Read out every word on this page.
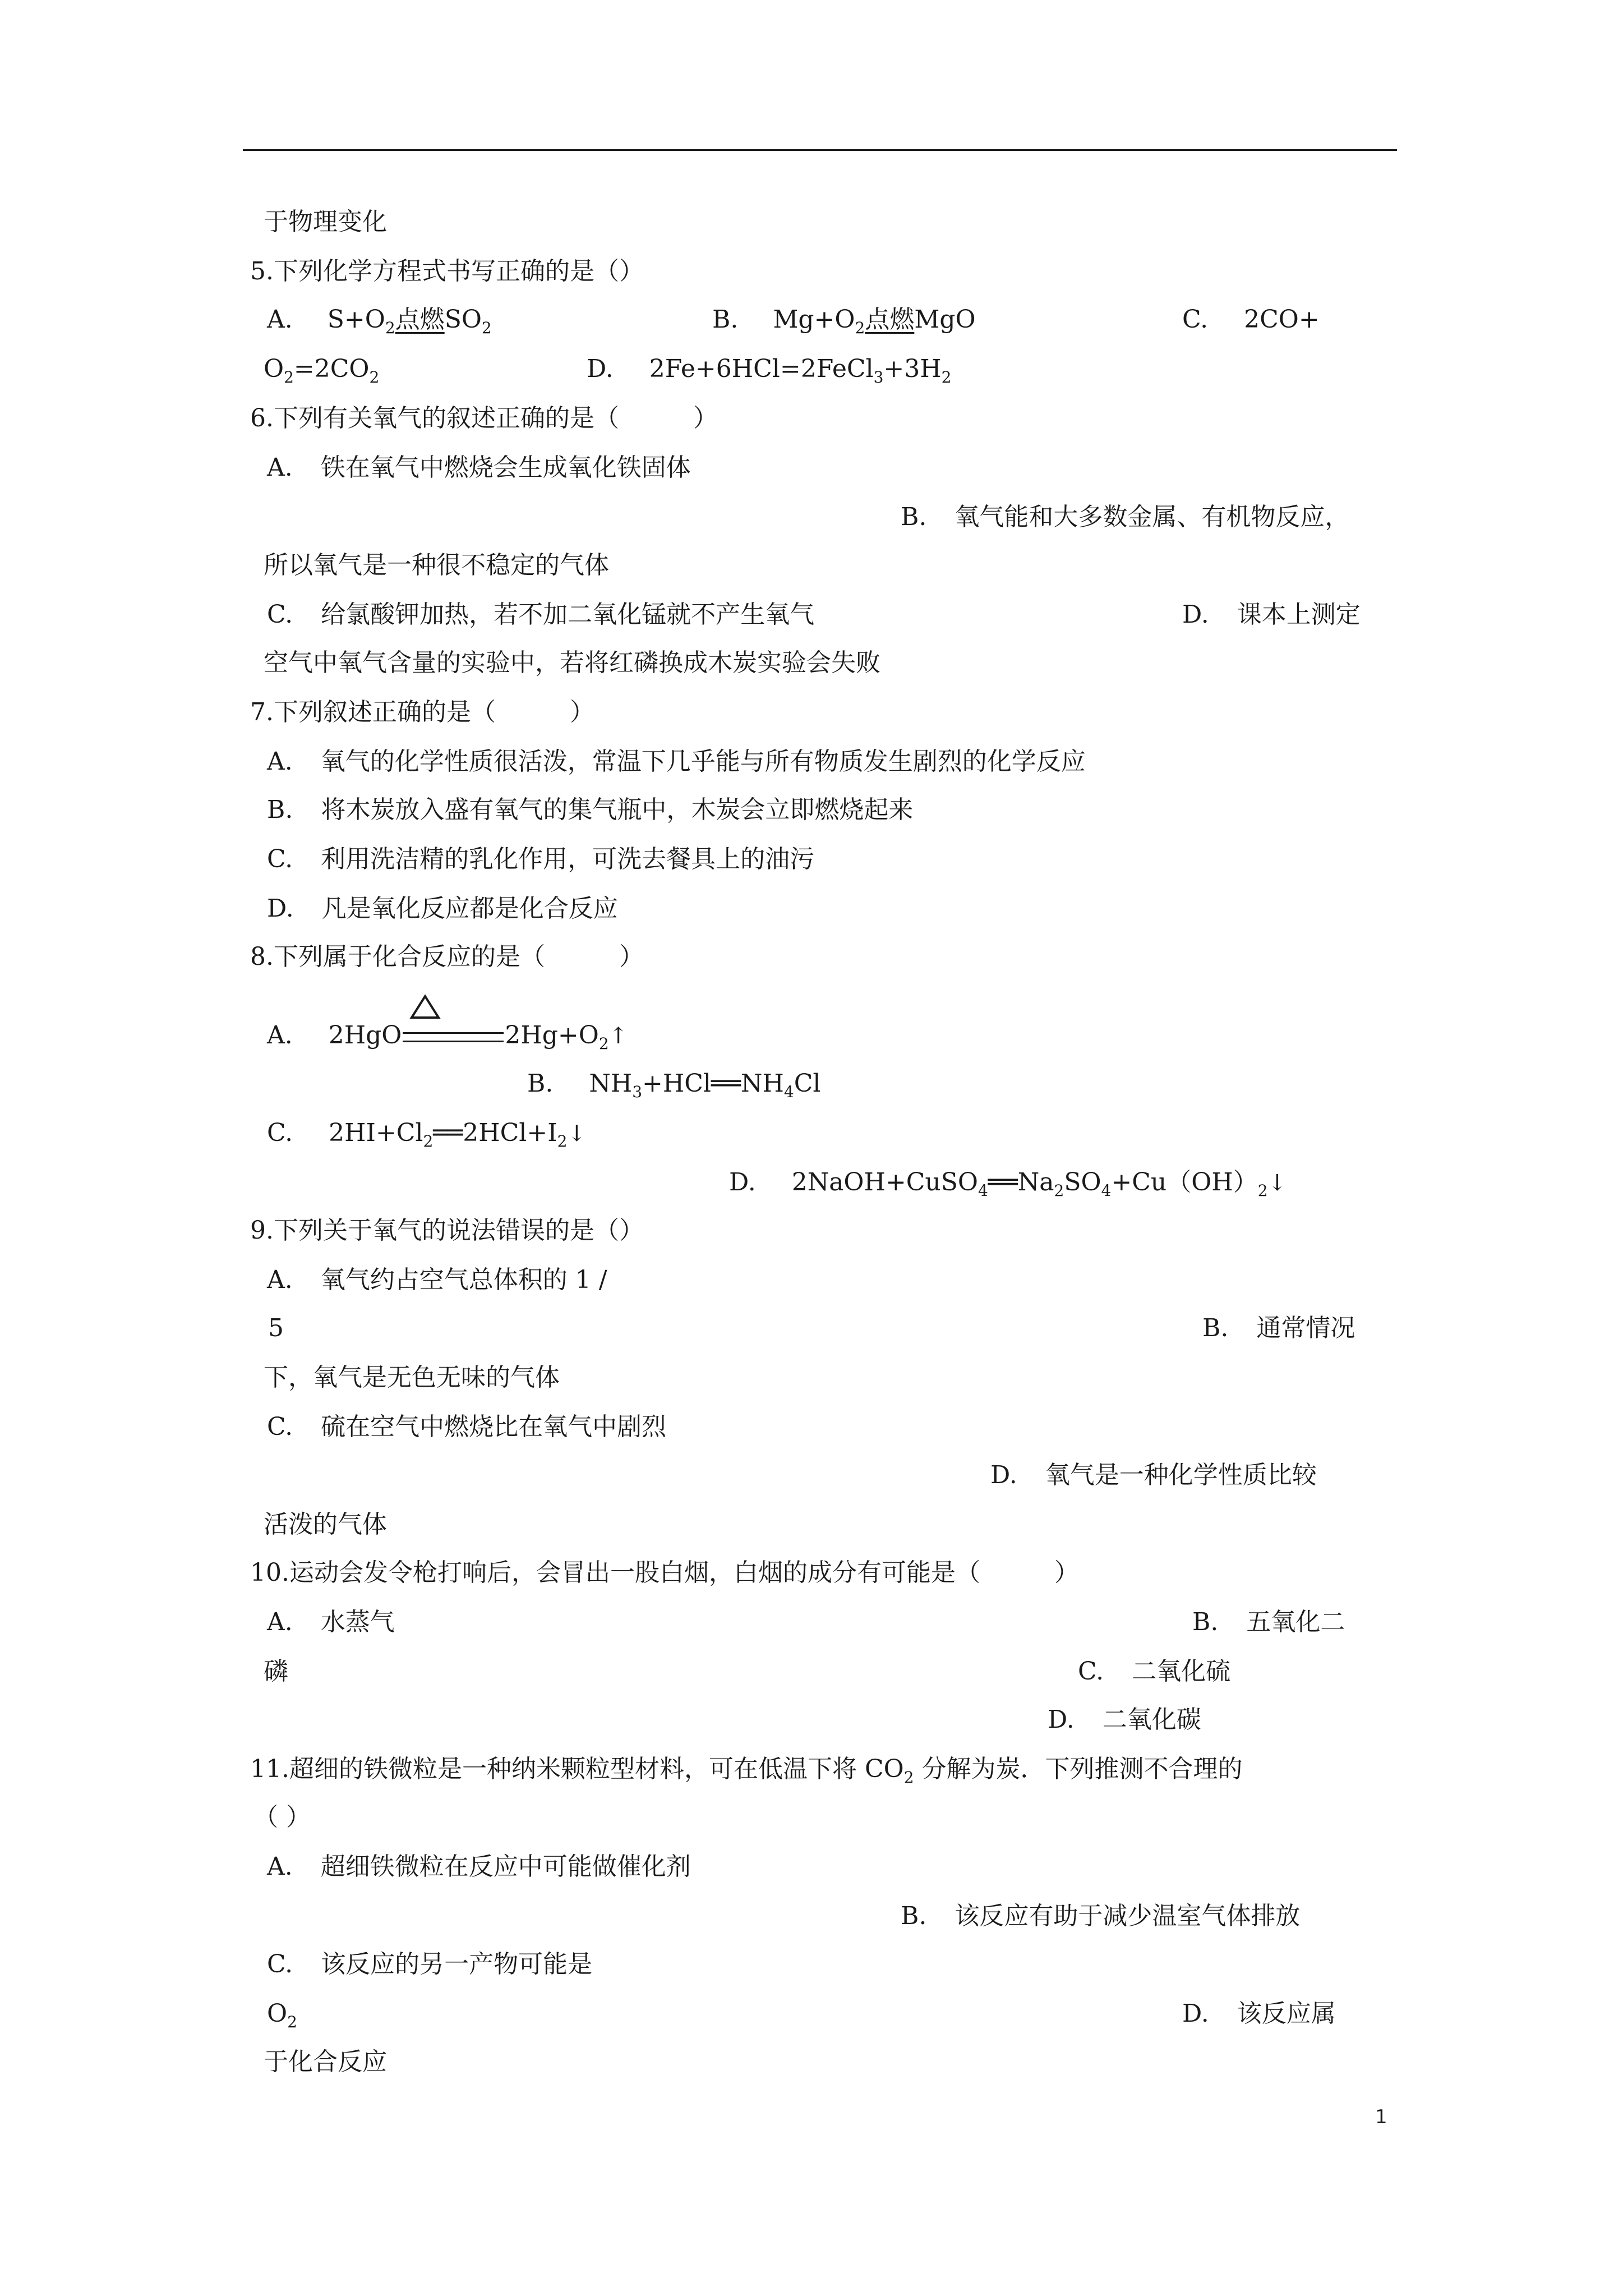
于物理变化
5.下列化学方程式书写正确的是（）
A. $S+O_2$点燃$SO_2$	B. $Mg+O_2$点燃MgO	C. 2CO+
$O_2=2CO_2$	D. $2Fe+6HCl=2FeCl_3+3H_2$
6.下列有关氧气的叙述正确的是（　　　）
A. 铁在氧气中燃烧会生成氧化铁固体
B. 氧气能和大多数金属、有机物反应，
所以氧气是一种很不稳定的气体
C. 给氯酸钾加热，若不加二氧化锰就不产生氧气	D. 课本上测定
空气中氧气含量的实验中，若将红磷换成木炭实验会失败
7.下列叙述正确的是（　　　）
A. 氧气的化学性质很活泼，常温下几乎能与所有物质发生剧烈的化学反应
B. 将木炭放入盛有氧气的集气瓶中，木炭会立即燃烧起来
C. 利用洗洁精的乳化作用，可洗去餐具上的油污
D. 凡是氧化反应都是化合反应
8.下列属于化合反应的是（　　　）
A. 2HgO	$2Hg+O_2↑$
B. $NH_3+HCl══NH_4Cl$
C. $2HI+Cl_2══2HCl+I_2↓$
D. $2NaOH+CuSO_4══Na_2SO_4+Cu(OH)_2↓$
9.下列关于氧气的说法错误的是（）
A. 氧气约占空气总体积的 1 /
5	B. 通常情况
下，氧气是无色无味的气体
C. 硫在空气中燃烧比在氧气中剧烈
D. 氧气是一种化学性质比较
活泼的气体
10.运动会发令枪打响后，会冒出一股白烟，白烟的成分有可能是（　　　）
A. 水蒸气	B. 五氧化二
磷	C. 二氧化硫
D. 二氧化碳
11.超细的铁微粒是一种纳米颗粒型材料，可在低温下将 $CO_2$ 分解为炭．下列推测不合理的
（ ）
A. 超细铁微粒在反应中可能做催化剂
B. 该反应有助于减少温室气体排放
C. 该反应的另一产物可能是
$O_2$	D. 该反应属
于化合反应
1
